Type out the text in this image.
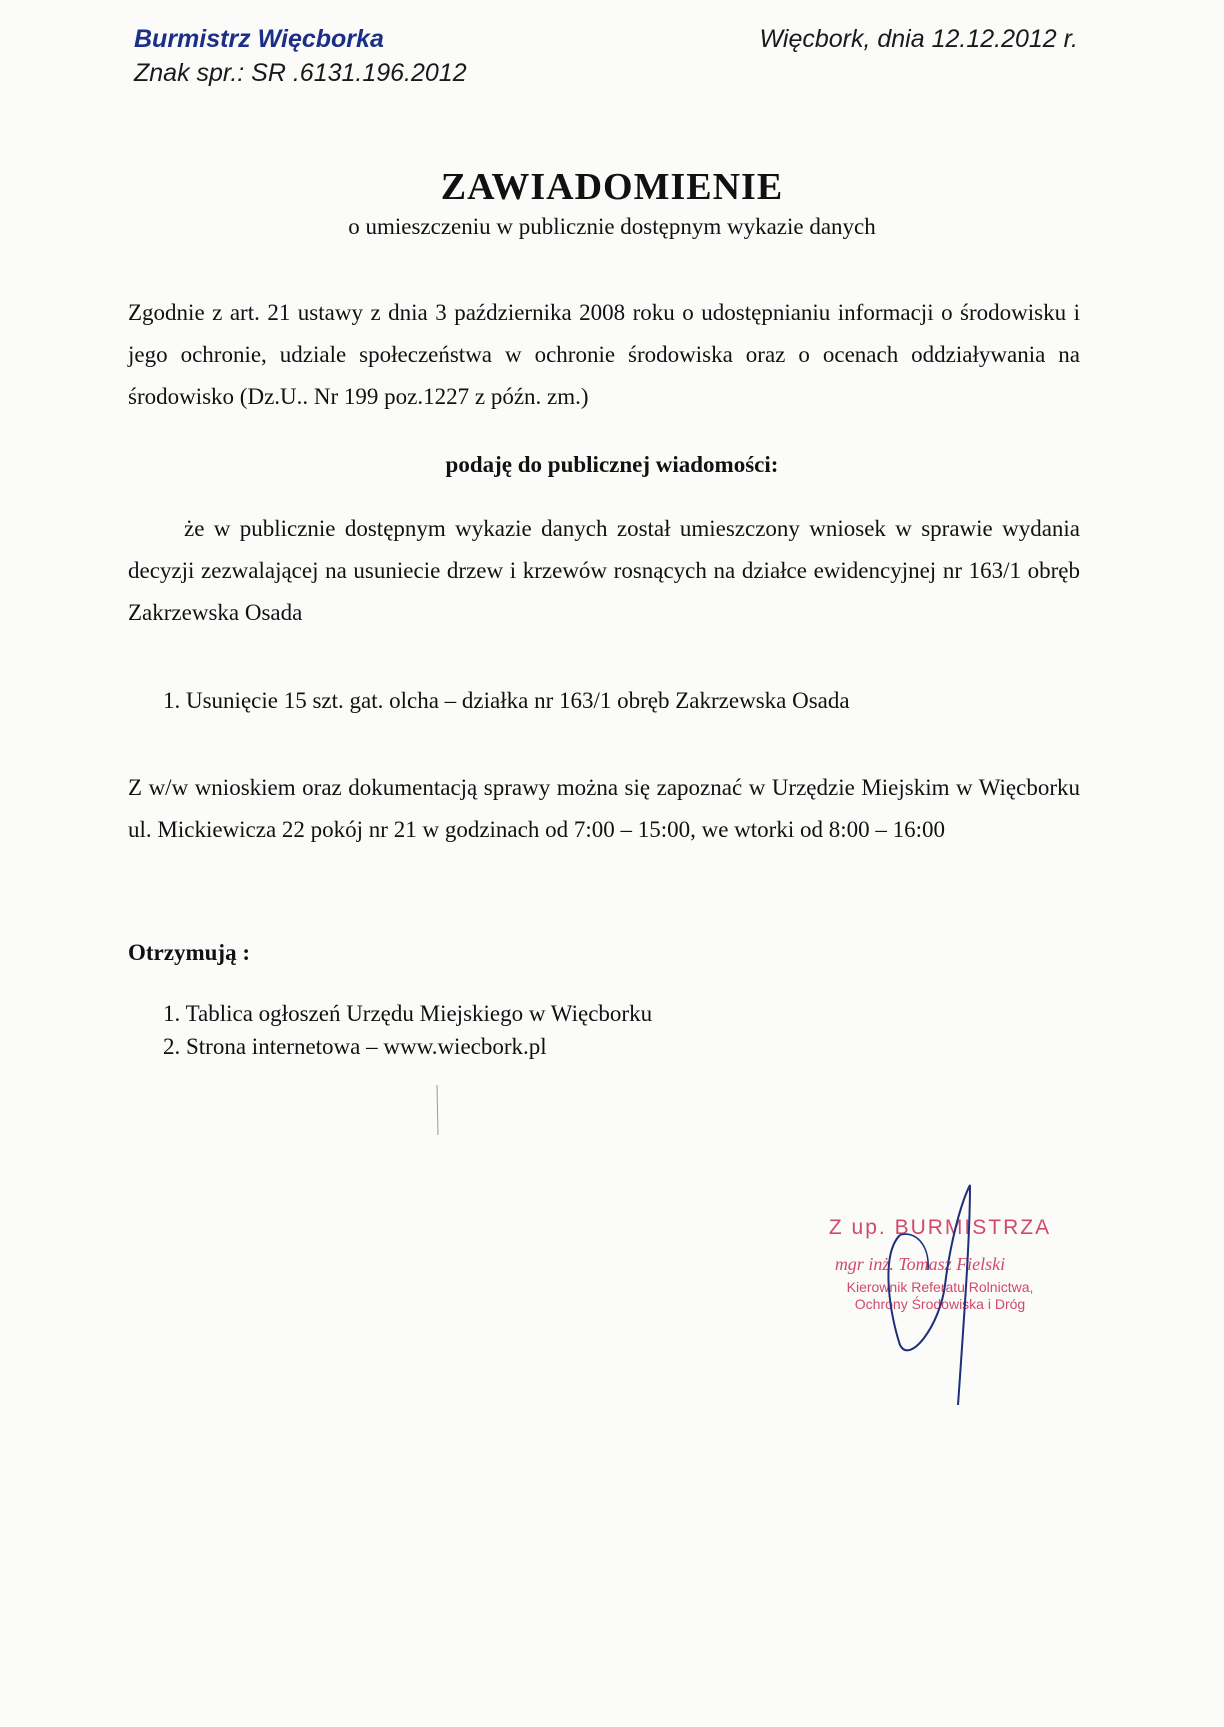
Burmistrz Więcborka
Znak spr.: SR .6131.196.2012
Więcbork, dnia 12.12.2012 r.
ZAWIADOMIENIE
o umieszczeniu w publicznie dostępnym wykazie danych
Zgodnie z art. 21 ustawy z dnia 3 października 2008 roku o udostępnianiu informacji o środowisku i jego ochronie, udziale społeczeństwa w ochronie środowiska oraz o ocenach oddziaływania na środowisko (Dz.U.. Nr 199 poz.1227 z późn. zm.)
podaję do publicznej wiadomości:
że w publicznie dostępnym wykazie danych został umieszczony wniosek w sprawie wydania decyzji zezwalającej na usuniecie drzew i krzewów rosnących na działce ewidencyjnej nr 163/1 obręb Zakrzewska Osada
1. Usunięcie 15 szt. gat. olcha – działka nr 163/1 obręb Zakrzewska Osada
Z w/w wnioskiem oraz dokumentacją sprawy można się zapoznać w Urzędzie Miejskim w Więcborku ul. Mickiewicza 22 pokój nr 21 w godzinach od 7:00 – 15:00, we wtorki od 8:00 – 16:00
Otrzymują :
1. Tablica ogłoszeń Urzędu Miejskiego w Więcborku
2. Strona internetowa – www.wiecbork.pl
Z up. BURMISTRZA
mgr inż. Tomasz Fielski
Kierownik Referatu Rolnictwa,
Ochrony Środowiska i Dróg
